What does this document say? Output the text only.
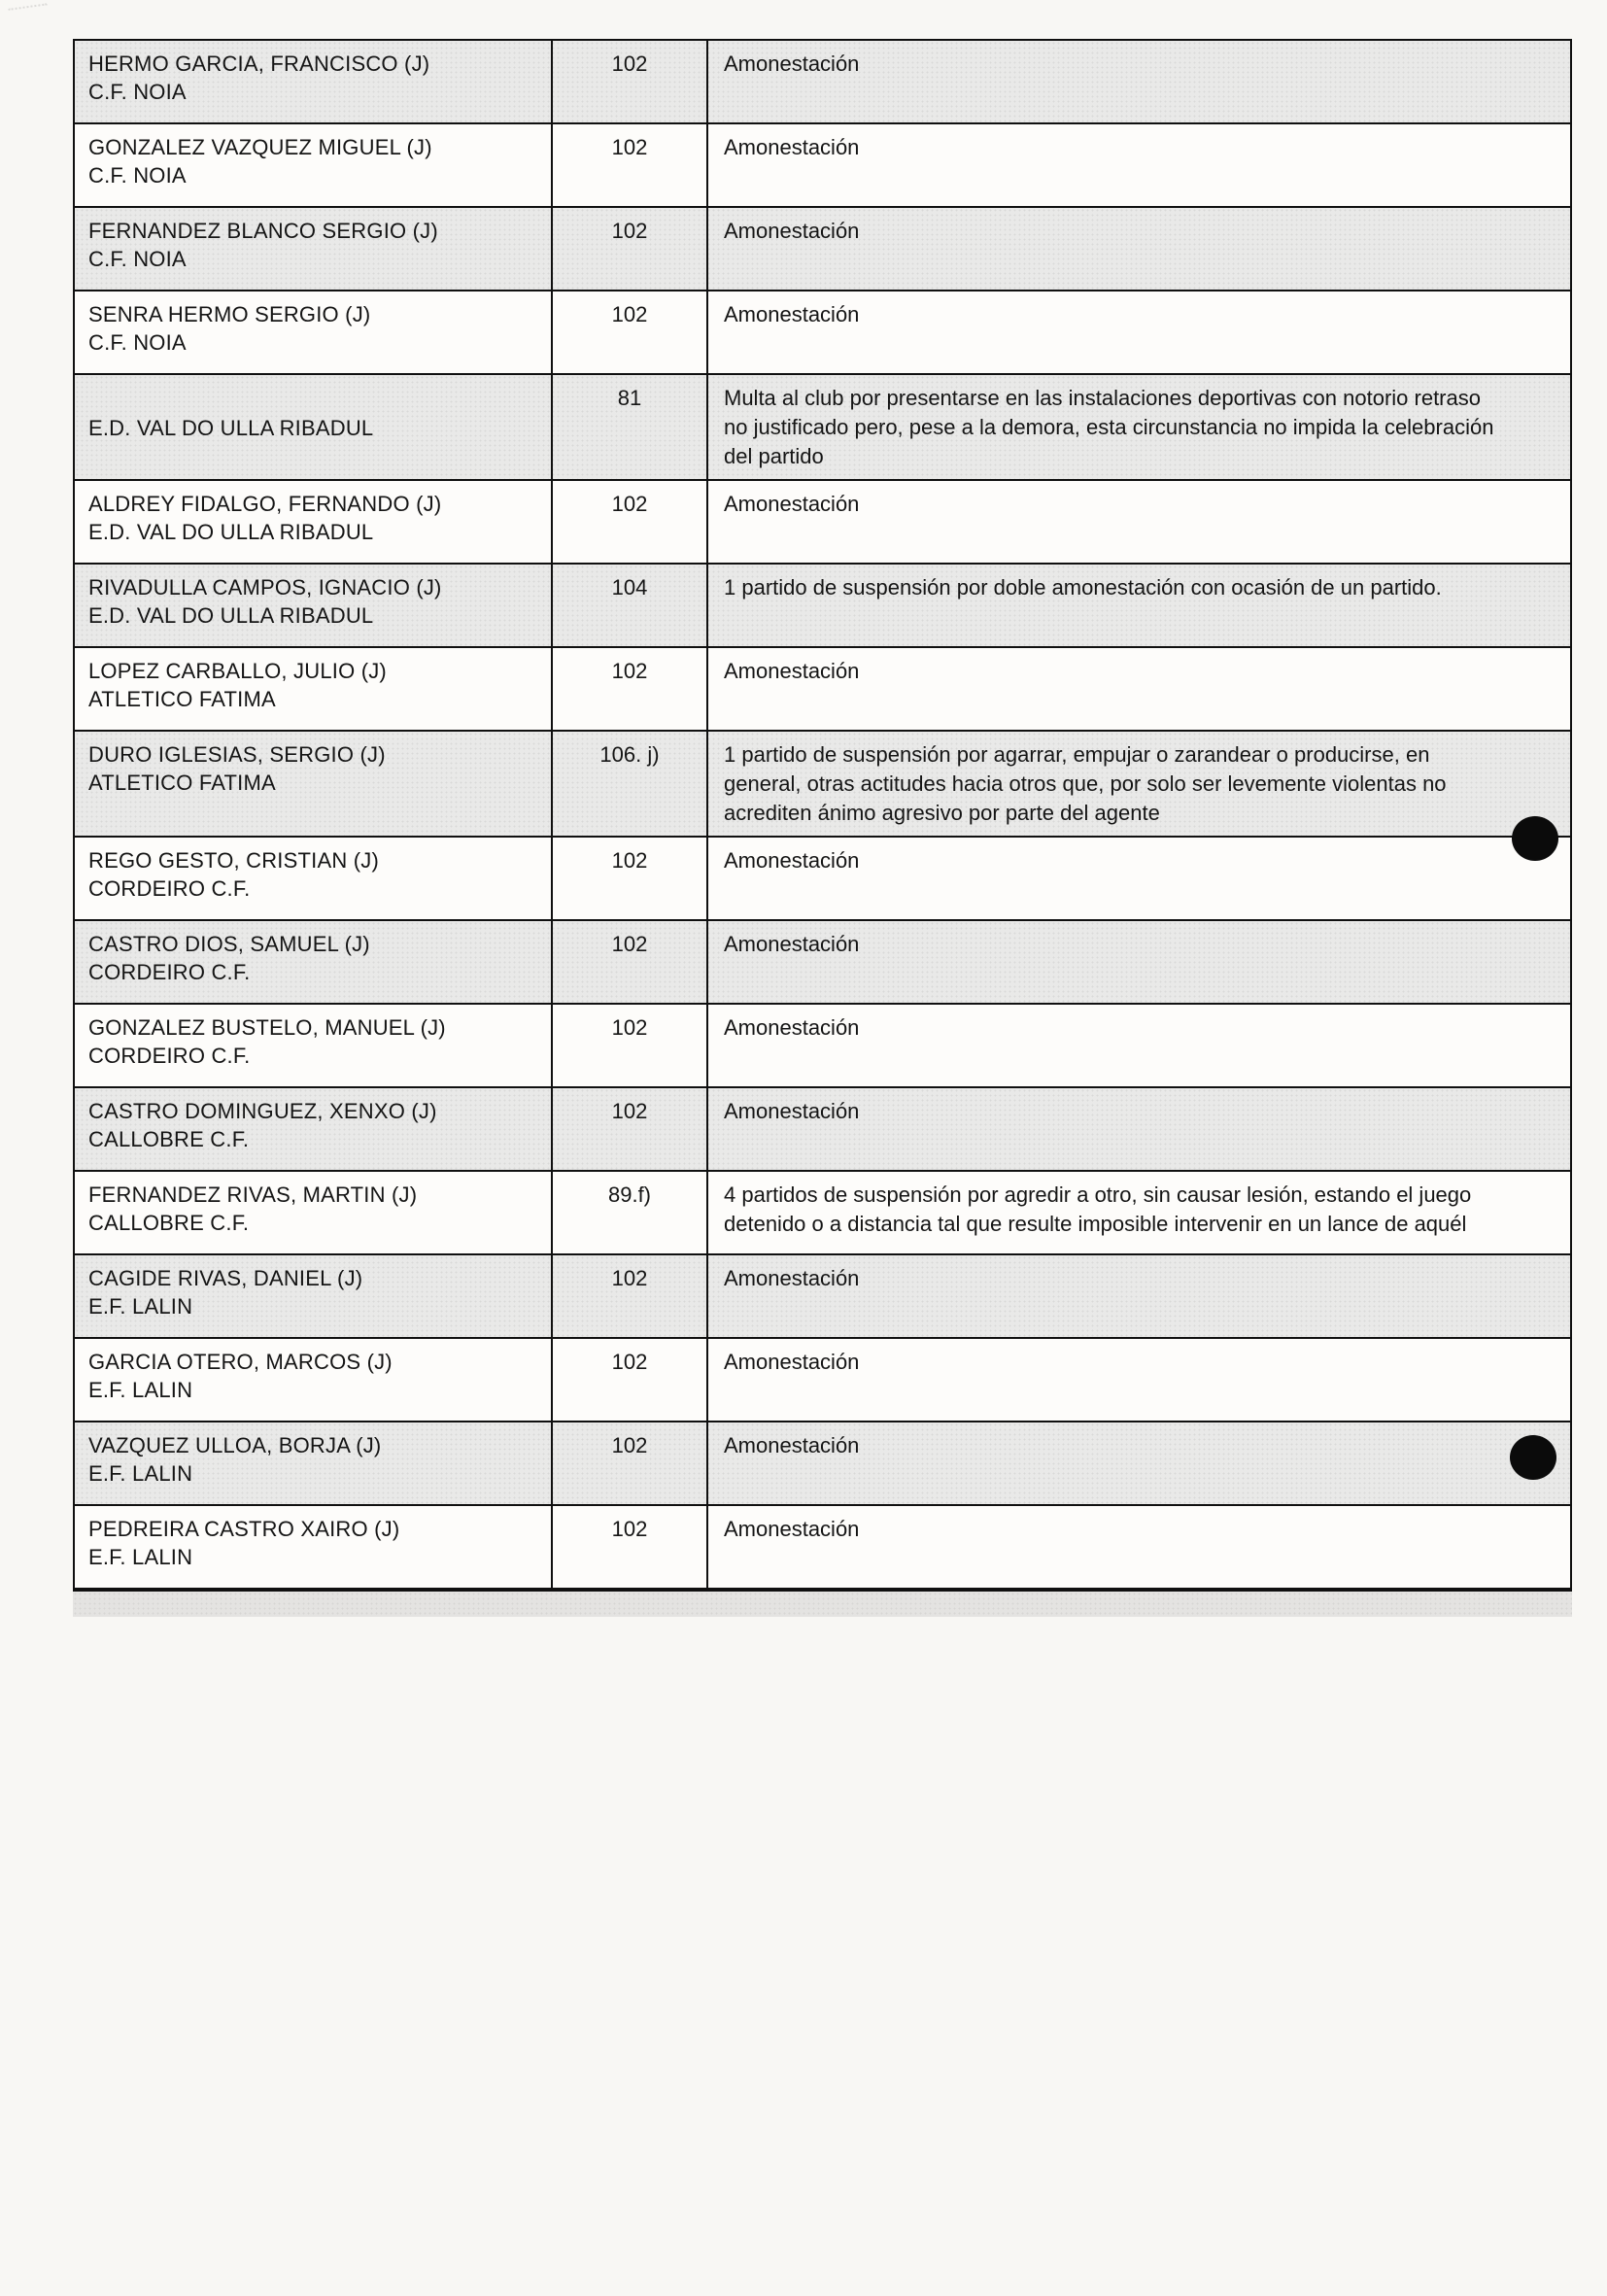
HERMO GARCIA, FRANCISCO (J)
C.F. NOIA
102	Amonestación
GONZALEZ VAZQUEZ MIGUEL (J)
C.F. NOIA
102	Amonestación
FERNANDEZ BLANCO SERGIO (J)
C.F. NOIA
102	Amonestación
SENRA HERMO SERGIO (J)
C.F. NOIA
102	Amonestación
E.D. VAL DO ULLA RIBADUL
81	Multa al club por presentarse en las instalaciones deportivas con notorio retraso no justificado pero, pese a la demora, esta circunstancia no impida la celebración del partido
ALDREY FIDALGO, FERNANDO (J)
E.D. VAL DO ULLA RIBADUL
102	Amonestación
RIVADULLA CAMPOS, IGNACIO (J)
E.D. VAL DO ULLA RIBADUL
104	1 partido de suspensión por doble amonestación con ocasión de un partido.
LOPEZ CARBALLO, JULIO (J)
ATLETICO FATIMA
102	Amonestación
DURO IGLESIAS, SERGIO (J)
ATLETICO FATIMA
106. j)	1 partido de suspensión por agarrar, empujar o zarandear o producirse, en general, otras actitudes hacia otros que, por solo ser levemente violentas no acrediten ánimo agresivo por parte del agente
REGO GESTO, CRISTIAN (J)
CORDEIRO C.F.
102	Amonestación
CASTRO DIOS, SAMUEL (J)
CORDEIRO C.F.
102	Amonestación
GONZALEZ BUSTELO, MANUEL (J)
CORDEIRO C.F.
102	Amonestación
CASTRO DOMINGUEZ, XENXO (J)
CALLOBRE C.F.
102	Amonestación
FERNANDEZ RIVAS, MARTIN (J)
CALLOBRE C.F.
89.f)	4 partidos de suspensión por agredir a otro, sin causar lesión, estando el juego detenido o a distancia tal que resulte imposible intervenir en un lance de aquél
CAGIDE RIVAS, DANIEL (J)
E.F. LALIN
102	Amonestación
GARCIA OTERO, MARCOS (J)
E.F. LALIN
102	Amonestación
VAZQUEZ ULLOA, BORJA (J)
E.F. LALIN
102	Amonestación
PEDREIRA CASTRO XAIRO (J)
E.F. LALIN
102	Amonestación
